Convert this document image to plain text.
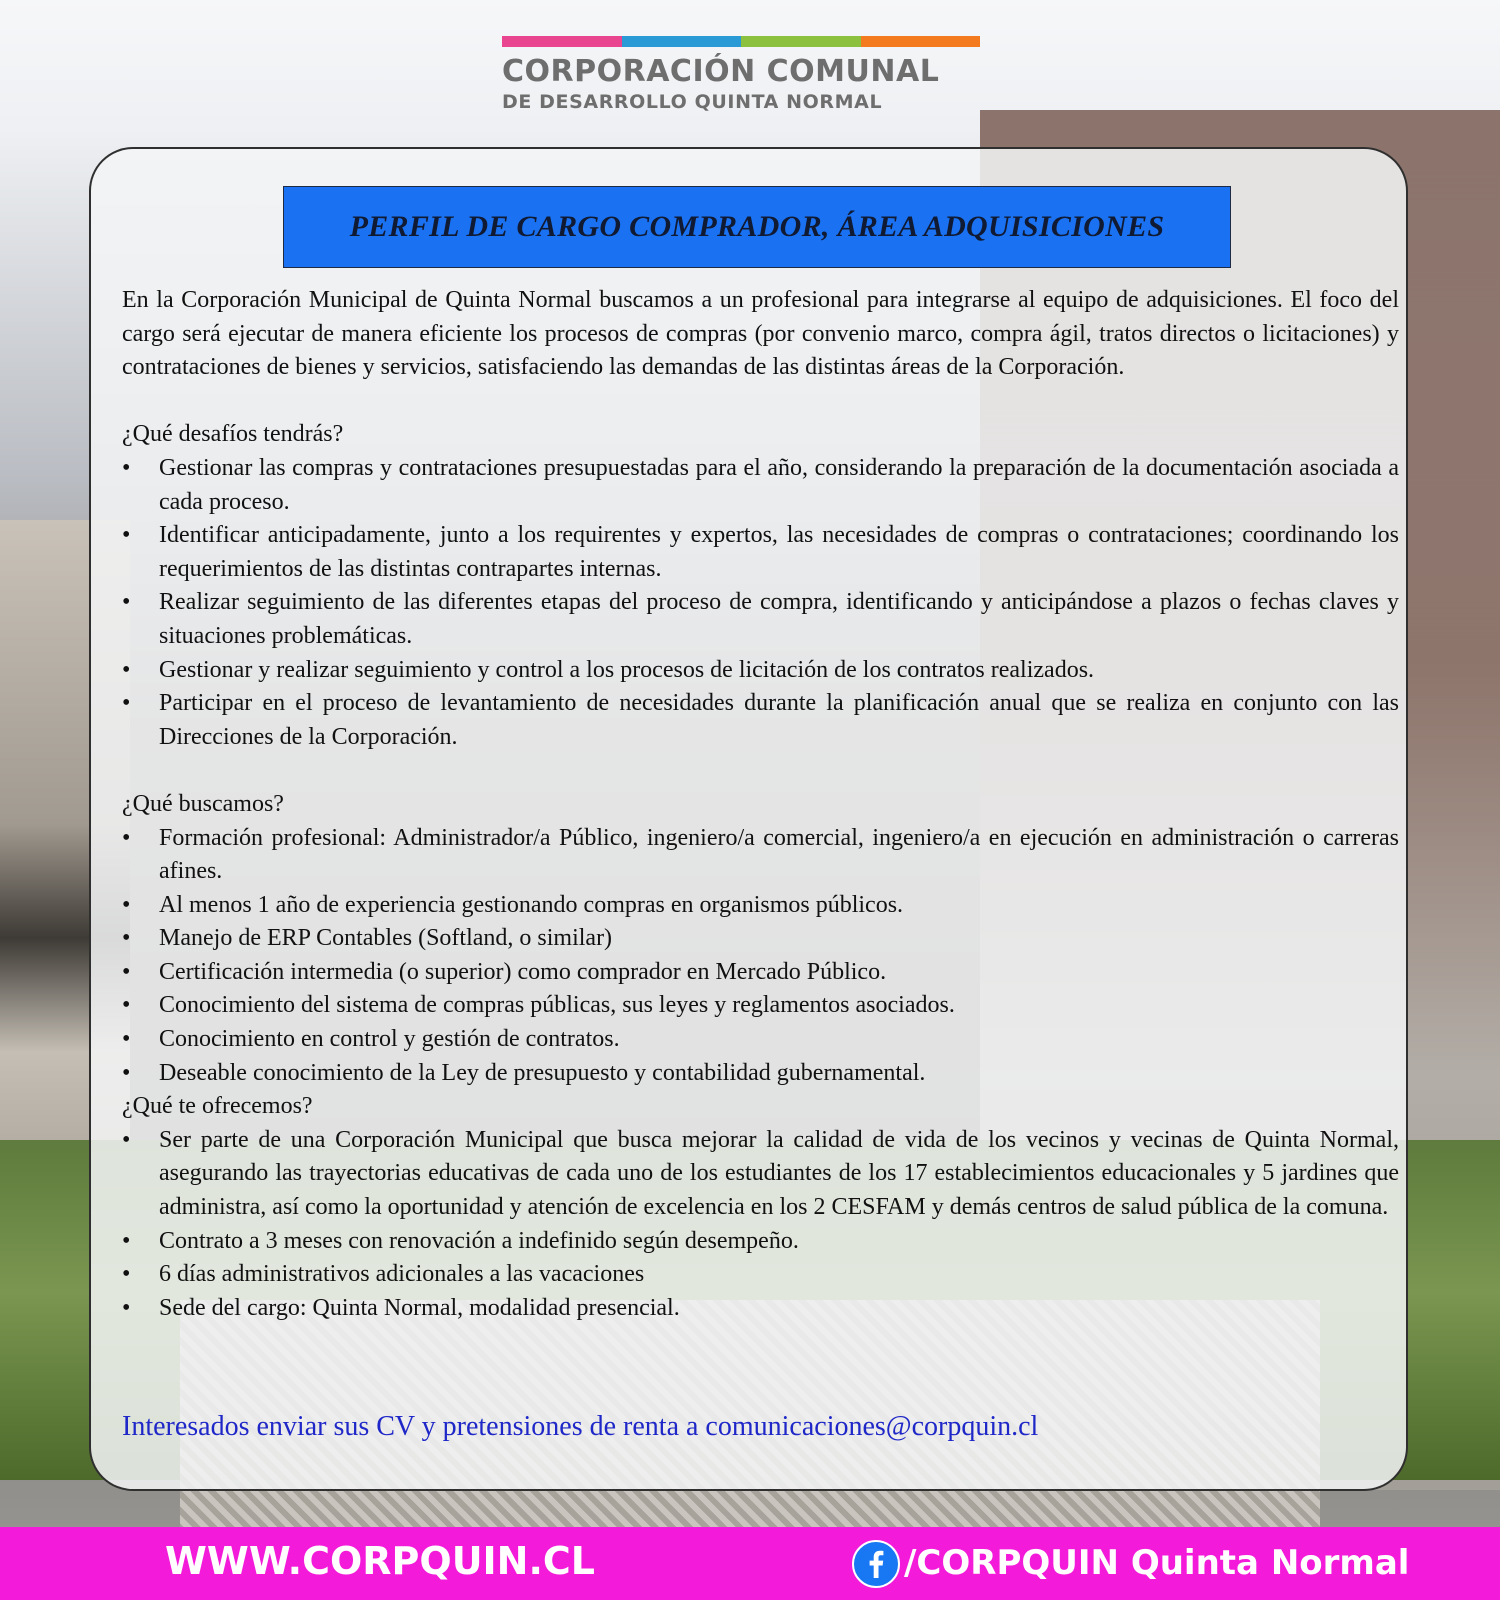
CORPORACIÓN COMUNAL
DE DESARROLLO QUINTA NORMAL
PERFIL DE CARGO COMPRADOR, ÁREA ADQUISICIONES

En la Corporación Municipal de Quinta Normal buscamos a un profesional para integrarse al equipo de adquisiciones. El foco del cargo será ejecutar de manera eficiente los procesos de compras (por convenio marco, compra ágil, tratos directos o licitaciones) y contrataciones de bienes y servicios, satisfaciendo las demandas de las distintas áreas de la Corporación.

¿Qué desafíos tendrás?

•	Gestionar las compras y contrataciones presupuestadas para el año, considerando la preparación de la documentación asociada a cada proceso.

•	Identificar anticipadamente, junto a los requirentes y expertos, las necesidades de compras o contrataciones; coordinando los requerimientos de las distintas contrapartes internas.

•	Realizar seguimiento de las diferentes etapas del proceso de compra, identificando y anticipándose a plazos o fechas claves y situaciones problemáticas.

•	Gestionar y realizar seguimiento y control a los procesos de licitación de los contratos realizados.

•	Participar en el proceso de levantamiento de necesidades durante la planificación anual que se realiza en conjunto con las Direcciones de la Corporación.

¿Qué buscamos?

•	Formación profesional: Administrador/a Público, ingeniero/a comercial, ingeniero/a en ejecución en administración o carreras afines.

•	Al menos 1 año de experiencia gestionando compras en organismos públicos.

•	Manejo de ERP Contables (Softland, o similar)

•	Certificación intermedia (o superior) como comprador en Mercado Público.

•	Conocimiento del sistema de compras públicas, sus leyes y reglamentos asociados.

•	Conocimiento en control y gestión de contratos.

•	Deseable conocimiento de la Ley de presupuesto y contabilidad gubernamental.

¿Qué te ofrecemos?

•	Ser parte de una Corporación Municipal que busca mejorar la calidad de vida de los vecinos y vecinas de Quinta Normal, asegurando las trayectorias educativas de cada uno de los estudiantes de los 17 establecimientos educacionales y 5 jardines que administra, así como la oportunidad y atención de excelencia en los 2 CESFAM y demás centros de salud pública de la comuna.

•	Contrato a 3 meses con renovación a indefinido según desempeño.

•	6 días administrativos adicionales a las vacaciones

•	Sede del cargo: Quinta Normal, modalidad presencial.

Interesados enviar sus CV y pretensiones de renta a comunicaciones@corpquin.cl
WWW.CORPQUIN.CL	/CORPQUIN Quinta Normal
